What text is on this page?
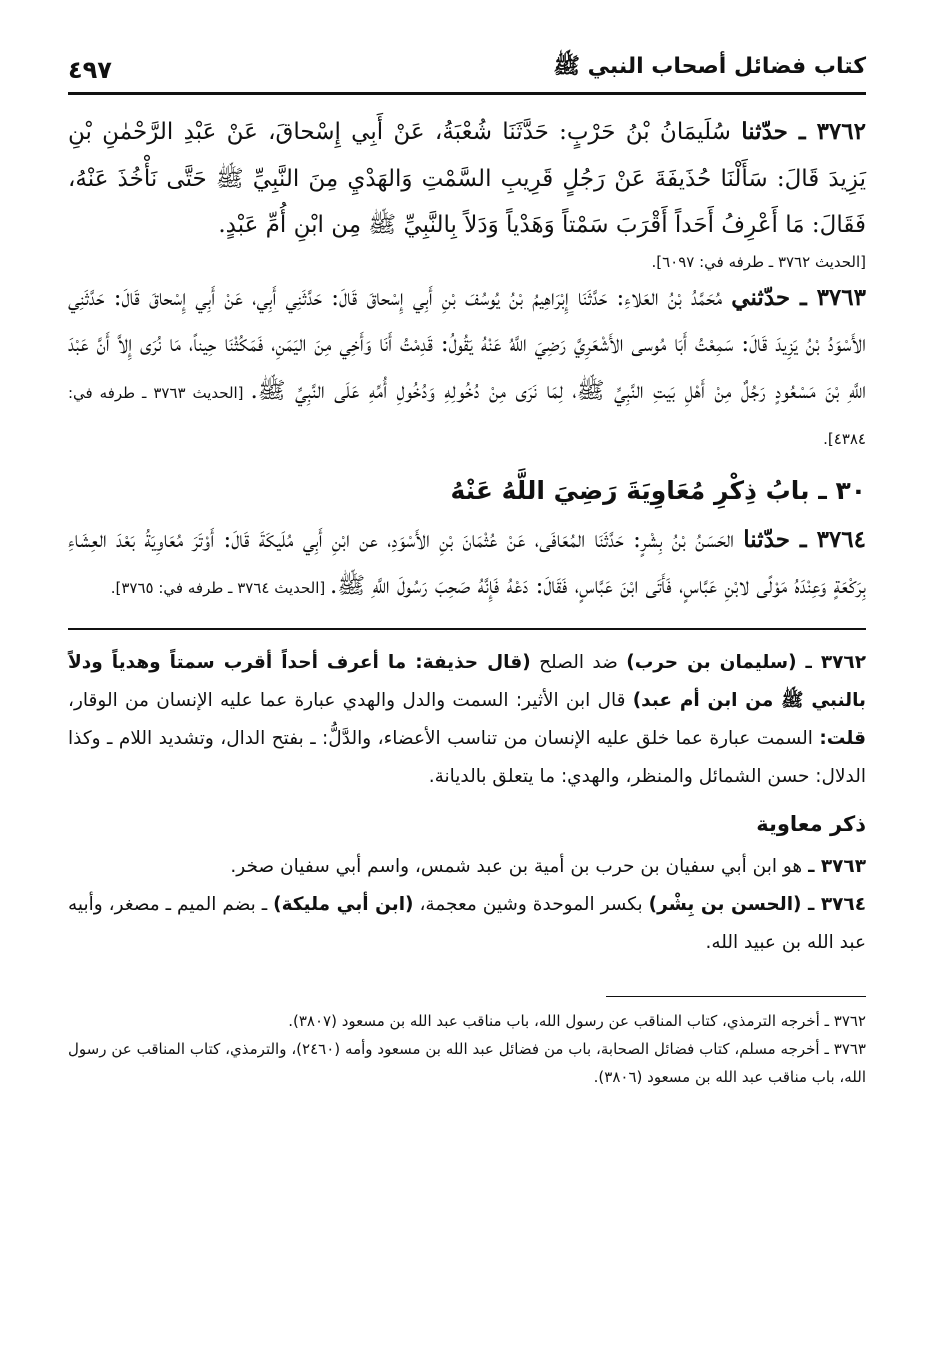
كتاب فضائل أصحاب النبي ﷺ
٤٩٧

٣٧٦٢ ـ حدّثنا سُلَيمَانُ بْنُ حَرْبٍ: حَدَّثَنَا شُعْبَةُ، عَنْ أَبِي إِسْحاقَ، عَنْ عَبْدِ الرَّحْمٰنِ بْنِ يَزِيدَ قَالَ: سَأَلْنَا حُذَيفَةَ عَنْ رَجُلٍ قَرِيبِ السَّمْتِ وَالهَدْيِ مِنَ النَّبِيِّ ﷺ حَتَّى نَأْخُذَ عَنْهُ، فَقَالَ: مَا أَعْرِفُ أَحَداً أَقْرَبَ سَمْتاً وَهَدْياً وَدَلاً بِالنَّبِيِّ ﷺ مِن ابْنِ أُمِّ عَبْدٍ.

[الحديث ٣٧٦٢ ـ طرفه في: ٦٠٩٧].

٣٧٦٣ ـ حدّثني مُحَمَّدُ بْنُ العَلاءِ: حَدَّثَنَا إِبْرَاهِيمُ بْنُ يُوسُفَ بْنِ أَبِي إِسْحاقَ قَالَ: حَدَّثَنِي أَبِي، عَنْ أَبِي إِسْحاقَ قَالَ: حَدَّثَنِي الأَسْوَدُ بْنُ يَزِيدَ قَالَ: سَمِعْتُ أَبَا مُوسى الأَشْعَرِيَّ رَضِيَ اللَّهُ عَنْهُ يَقُولُ: قَدِمْتُ أَنَا وَأَخِي مِنَ اليَمَنِ، فَمَكُثْنَا حِيناً، مَا نُرَى إِلاَّ أَنَّ عَبْدَ اللَّهِ بْنَ مَسْعُودٍ رَجُلٌ مِنْ أَهْلِ بَيتِ النَّبِيِّ ﷺ، لِمَا نَرَى مِنْ دُخُولِهِ وَدُخُولِ أُمِّهِ عَلَى النَّبِيِّ ﷺ. [الحديث ٣٧٦٣ ـ طرفه في: ٤٣٨٤].

٣٠ ـ بابُ ذِكْرِ مُعَاوِيَةَ رَضِيَ اللَّهُ عَنْهُ

٣٧٦٤ ـ حدّثنا الحَسَنُ بْنُ بِشْرٍ: حَدَّثَنَا المُعَافَى، عَنْ عُثْمَانَ بْنِ الأَسْوَدِ، عن ابْنِ أَبِي مُلَيكَةَ قَالَ: أَوْتَرَ مُعَاوِيَةُ بَعْدَ العِشَاءِ بِرَكْعَةٍ وَعِنْدَهُ مَوْلًى لابْنِ عَبَّاسٍ، فَأَتَى ابْنَ عَبَّاسٍ، فَقَالَ: دَعْهُ فَإِنَّهُ صَحِبَ رَسُولَ اللَّهِ ﷺ. [الحديث ٣٧٦٤ ـ طرفه في: ٣٧٦٥].

٣٧٦٢ ـ (سليمان بن حرب) ضد الصلح (قال حذيفة: ما أعرف أحداً أقرب سمتاً وهدياً ودلاً بالنبي ﷺ من ابن أم عبد) قال ابن الأثير: السمت والدل والهدي عبارة عما عليه الإنسان من الوقار، قلت: السمت عبارة عما خلق عليه الإنسان من تناسب الأعضاء، والدَّلُّ: ـ بفتح الدال، وتشديد اللام ـ وكذا الدلال: حسن الشمائل والمنظر، والهدي: ما يتعلق بالديانة.

ذكر معاوية

٣٧٦٣ ـ هو ابن أبي سفيان بن حرب بن أمية بن عبد شمس، واسم أبي سفيان صخر.

٣٧٦٤ ـ (الحسن بن بِشْر) بكسر الموحدة وشين معجمة، (ابن أبي مليكة) ـ بضم الميم ـ مصغر، وأبيه عبد الله بن عبيد الله.

٣٧٦٢ ـ أخرجه الترمذي، كتاب المناقب عن رسول الله، باب مناقب عبد الله بن مسعود (٣٨٠٧).

٣٧٦٣ ـ أخرجه مسلم، كتاب فضائل الصحابة، باب من فضائل عبد الله بن مسعود وأمه (٢٤٦٠)، والترمذي، كتاب المناقب عن رسول الله، باب مناقب عبد الله بن مسعود (٣٨٠٦).
